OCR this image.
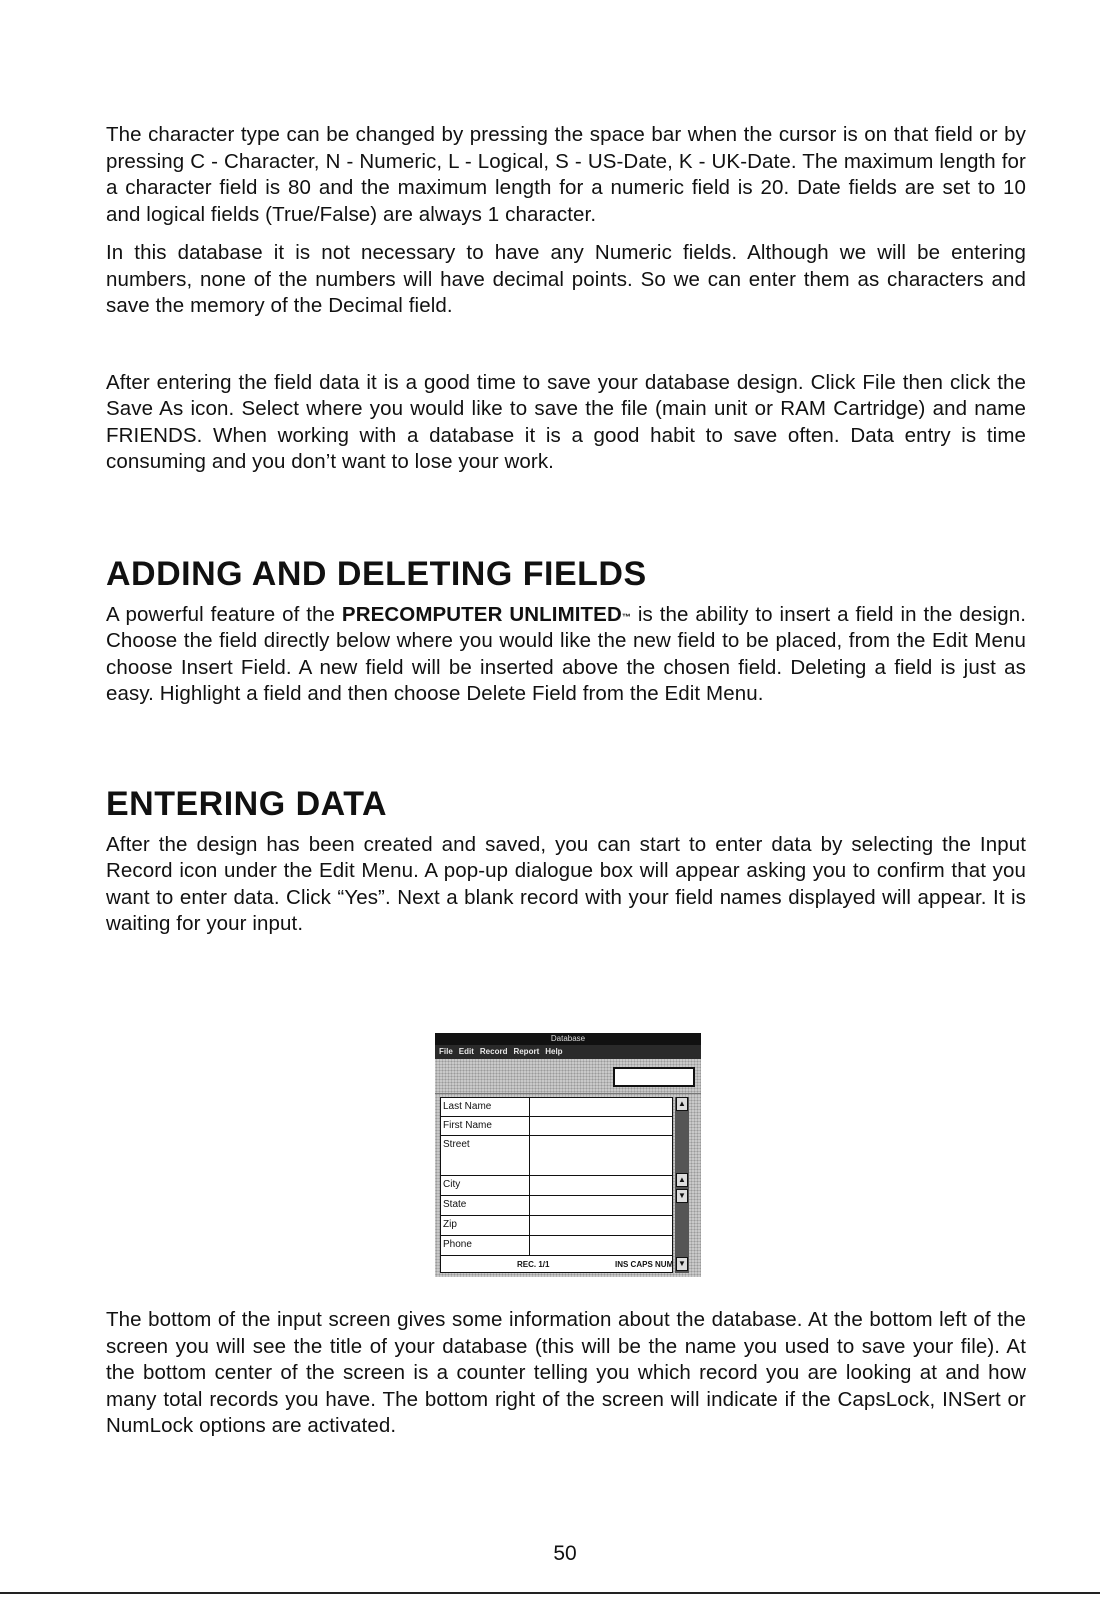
The character type can be changed by pressing the space bar when the cursor is on that field or by pressing C - Character, N - Numeric, L - Logical, S - US-Date, K - UK-Date. The maximum length for a character field is 80 and the maximum length for a numeric field is 20. Date fields are set to 10 and logical fields (True/False) are always 1 character.

In this database it is not necessary to have any Numeric fields. Although we will be entering numbers, none of the numbers will have decimal points. So we can enter them as characters and save the memory of the Decimal field.

After entering the field data it is a good time to save your database design. Click File then click the Save As icon. Select where you would like to save the file (main unit or RAM Cartridge) and name FRIENDS. When working with a database it is a good habit to save often. Data entry is time consuming and you don’t want to lose your work.

ADDING AND DELETING FIELDS

A powerful feature of the PRECOMPUTER UNLIMITED™ is the ability to insert a field in the design. Choose the field directly below where you would like the new field to be placed, from the Edit Menu choose Insert Field. A new field will be inserted above the chosen field. Deleting a field is just as easy. Highlight a field and then choose Delete Field from the Edit Menu.

ENTERING DATA

After the design has been created and saved, you can start to enter data by selecting the Input Record icon under the Edit Menu. A pop-up dialogue box will appear asking you to confirm that you want to enter data. Click “Yes”. Next a blank record with your field names displayed will appear. It is waiting for your input.

Database
File Edit Record Report Help
Last Name
First Name
Street
City
State
Zip
Phone
▲
▲
▼
▼
REC. 1/1	INS CAPS NUM

The bottom of the input screen gives some information about the database. At the bottom left of the screen you will see the title of your database (this will be the name you used to save your file). At the bottom center of the screen is a counter telling you which record you are looking at and how many total records you have. The bottom right of the screen will indicate if the CapsLock, INSert or NumLock options are activated.

50
